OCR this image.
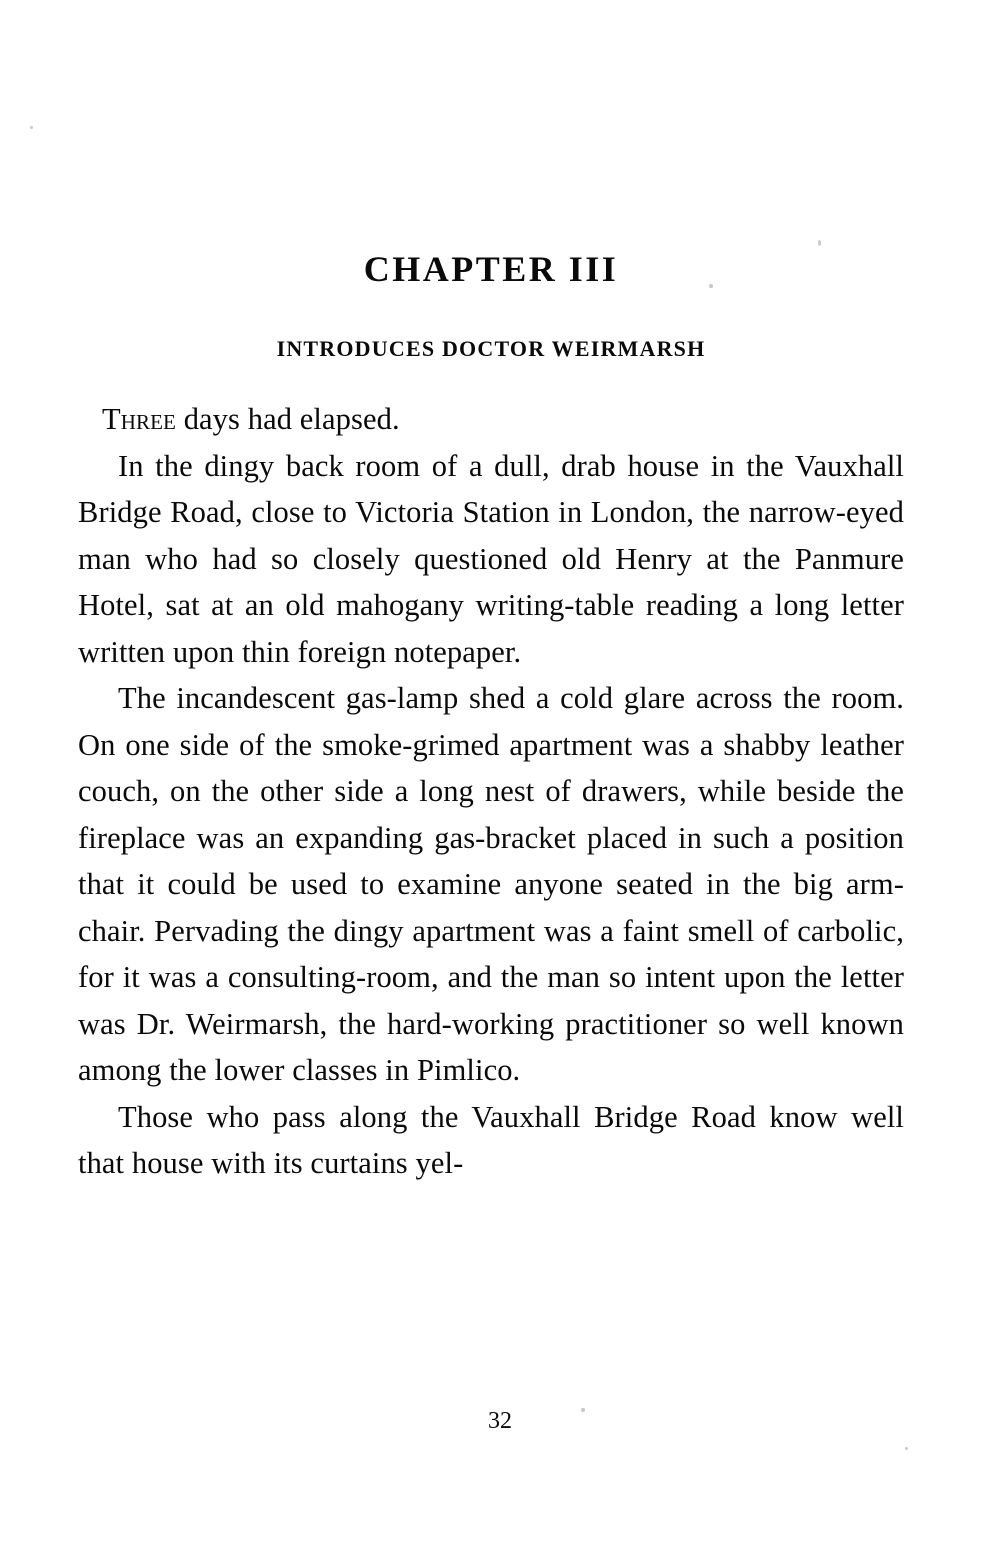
CHAPTER III
INTRODUCES DOCTOR WEIRMARSH

Three days had elapsed.

In the dingy back room of a dull, drab house in the Vauxhall Bridge Road, close to Victoria Station in London, the narrow-eyed man who had so closely questioned old Henry at the Panmure Hotel, sat at an old mahogany writing-table reading a long letter written upon thin foreign notepaper.

The incandescent gas-lamp shed a cold glare across the room. On one side of the smoke-grimed apartment was a shabby leather couch, on the other side a long nest of drawers, while beside the fireplace was an expanding gas-bracket placed in such a position that it could be used to examine anyone seated in the big arm-chair. Pervading the dingy apartment was a faint smell of carbolic, for it was a consulting-room, and the man so intent upon the letter was Dr. Weirmarsh, the hard-working practitioner so well known among the lower classes in Pimlico.

Those who pass along the Vauxhall Bridge Road know well that house with its curtains yel-

32
